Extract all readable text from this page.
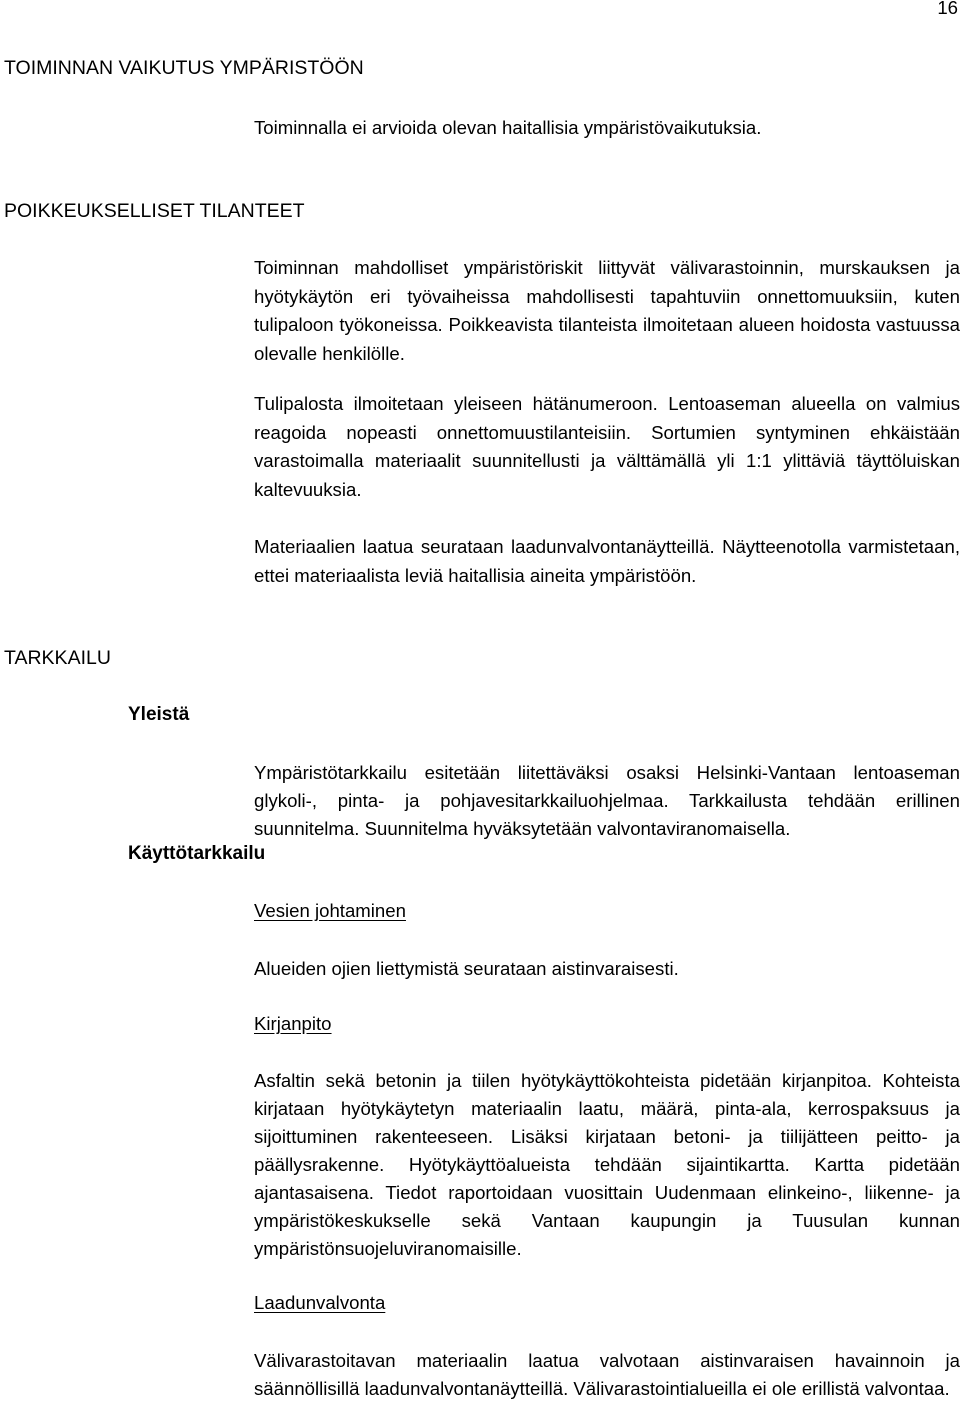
16
TOIMINNAN VAIKUTUS YMPÄRISTÖÖN

Toiminnalla ei arvioida olevan haitallisia ympäristövaikutuksia.

POIKKEUKSELLISET TILANTEET

Toiminnan mahdolliset ympäristöriskit liittyvät välivarastoinnin, murskauksen ja hyötykäytön eri työvaiheissa mahdollisesti tapahtuviin onnettomuuksiin, kuten tulipaloon työkoneissa. Poikkeavista tilanteista ilmoitetaan alueen hoidosta vastuussa olevalle henkilölle.

Tulipalosta ilmoitetaan yleiseen hätänumeroon. Lentoaseman alueella on valmius reagoida nopeasti onnettomuustilanteisiin. Sortumien syntyminen ehkäistään varastoimalla materiaalit suunnitellusti ja välttämällä yli 1:1 ylittäviä täyttöluiskan kaltevuuksia.

Materiaalien laatua seurataan laadunvalvontanäytteillä. Näytteenotolla varmistetaan, ettei materiaalista leviä haitallisia aineita ympäristöön.

TARKKAILU
Yleistä

Ympäristötarkkailu esitetään liitettäväksi osaksi Helsinki-Vantaan lentoaseman glykoli-, pinta- ja pohjavesitarkkailuohjelmaa. Tarkkailusta tehdään erillinen suunnitelma. Suunnitelma hyväksytetään valvontaviranomaisella.

Käyttötarkkailu
Vesien johtaminen

Alueiden ojien liettymistä seurataan aistinvaraisesti.

Kirjanpito

Asfaltin sekä betonin ja tiilen hyötykäyttökohteista pidetään kirjanpitoa. Kohteista kirjataan hyötykäytetyn materiaalin laatu, määrä, pinta-ala, kerrospaksuus ja sijoittuminen rakenteeseen. Lisäksi kirjataan betoni- ja tiilijätteen peitto- ja päällysrakenne. Hyötykäyttöalueista tehdään sijaintikartta. Kartta pidetään ajantasaisena. Tiedot raportoidaan vuosittain Uudenmaan elinkeino-, liikenne- ja ympäristökeskukselle sekä Vantaan kaupungin ja Tuusulan kunnan ympäristönsuojeluviranomaisille.

Laadunvalvonta

Välivarastoitavan materiaalin laatua valvotaan aistinvaraisen havainnoin ja säännöllisillä laadunvalvontanäytteillä. Välivarastointialueilla ei ole erillistä valvontaa.
